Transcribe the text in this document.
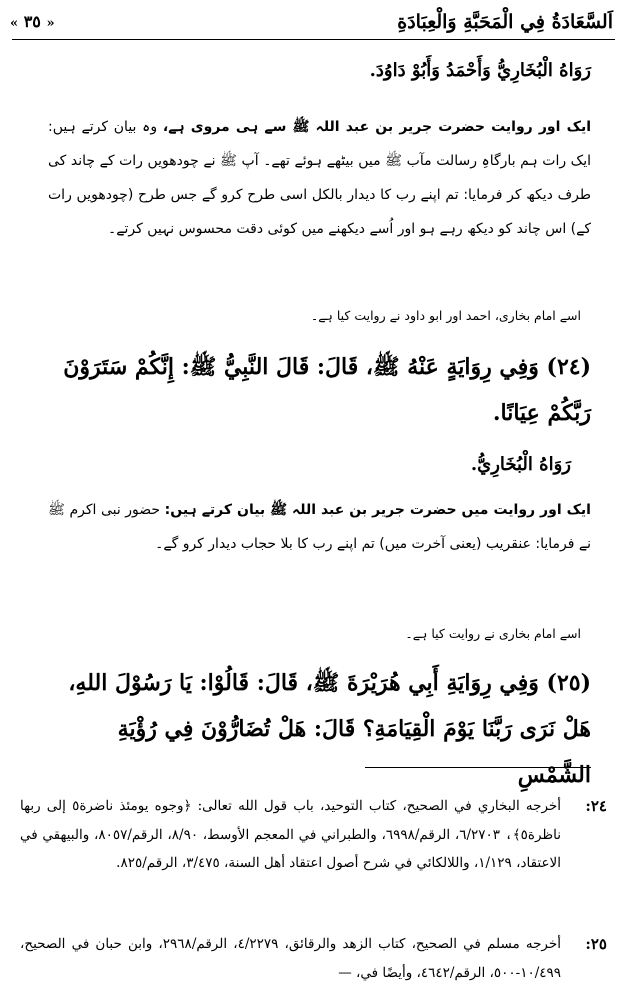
اَلسَّعَادَةُ فِي الْمَحَبَّةِ وَالْعِبَادَةِ
« ٣٥ »
رَوَاهُ الْبُخَارِيُّ وَأَحْمَدُ وَأَبُوْ دَاوُدَ.
ایک اور روایت حضرت جریر بن عبد اللہ ﷺ سے ہی مروی ہے، وہ بیان کرتے ہیں: ایک رات ہم بارگاہِ رسالت مآب ﷺ میں بیٹھے ہوئے تھے۔ آپ ﷺ نے چودھویں رات کے چاند کی طرف دیکھ کر فرمایا: تم اپنے رب کا دیدار بالکل اسی طرح کرو گے جس طرح (چودھویں رات کے) اس چاند کو دیکھ رہے ہو اور اُسے دیکھنے میں کوئی دقت محسوس نہیں کرتے۔
اسے امام بخاری، احمد اور ابو داود نے روایت کیا ہے۔
(٢٤) وَفِي رِوَايَةٍ عَنْهُ ﷺ، قَالَ: قَالَ النَّبِيُّ ﷺ: إِنَّكُمْ سَتَرَوْنَ رَبَّكُمْ عِيَانًا.
رَوَاهُ الْبُخَارِيُّ.
ایک اور روایت میں حضرت جریر بن عبد اللہ ﷺ بیان کرتے ہیں: حضور نبی اکرم ﷺ نے فرمایا: عنقریب (یعنی آخرت میں) تم اپنے رب کا بلا حجاب دیدار کرو گے۔
اسے امام بخاری نے روایت کیا ہے۔
(٢٥) وَفِي رِوَايَةِ أَبِي هُرَيْرَةَ ﷺ، قَالَ: قَالُوْا: يَا رَسُوْلَ اللهِ، هَلْ نَرَى رَبَّنَا يَوْمَ الْقِيَامَةِ؟ قَالَ: هَلْ تُضَارُّوْنَ فِي رُؤْيَةِ الشَّمْسِ
٢٤:
أخرجه البخاري في الصحيح، كتاب التوحيد، باب قول الله تعالى: ﴿وجوه يومئذ ناضرة٥ إلى ربها ناظرة٥﴾، ٦/٢٧٠٣، الرقم/٦٩٩٨، والطبراني في المعجم الأوسط، ٨/٩٠، الرقم/٨٠٥٧، والبيهقي في الاعتقاد، ١/١٢٩، واللالكائي في شرح أصول اعتقاد أهل السنة، ٣/٤٧٥، الرقم/٨٢٥.
٢٥:
أخرجه مسلم في الصحيح، كتاب الزهد والرقائق، ٤/٢٢٧٩، الرقم/٢٩٦٨، وابن حبان في الصحيح، ١٠/٤٩٩-٥٠٠، الرقم/٤٦٤٢، وأيضًا في، —
